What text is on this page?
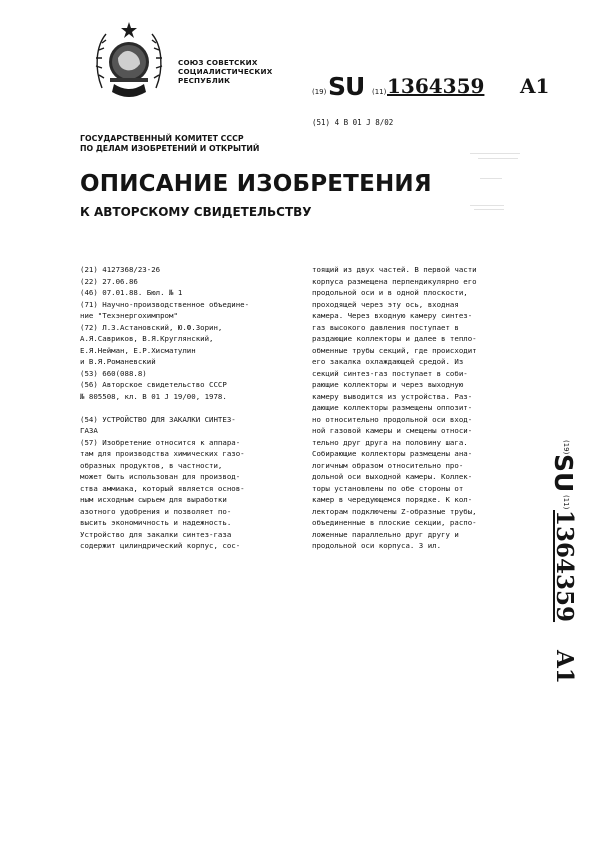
СОЮЗ СОВЕТСКИХ
СОЦИАЛИСТИЧЕСКИХ
РЕСПУБЛИК
(19) SU (11) 1364359 A1
(51) 4 B 01 J 8/02
ГОСУДАРСТВЕННЫЙ КОМИТЕТ СССР
ПО ДЕЛАМ ИЗОБРЕТЕНИЙ И ОТКРЫТИЙ
ОПИСАНИЕ ИЗОБРЕТЕНИЯ
К АВТОРСКОМУ СВИДЕТЕЛЬСТВУ
(21) 4127368/23-26
(22) 27.06.86
(46) 07.01.88. Бюл. № 1
(71) Научно-производственное объедине-
ние "Техэнергохимпром"
(72) Л.З.Астановский, Ю.Ф.Зорин,
А.Я.Савриков, В.Я.Круглянский,
Е.Я.Нейман, Е.Р.Хисматулин
и В.Я.Романевский
(53) 660(088.8)
(56) Авторское свидетельство СССР
№ 805508, кл. В 01 J 19/00, 1978.
(54) УСТРОЙСТВО ДЛЯ ЗАКАЛКИ СИНТЕЗ-
ГАЗА
(57) Изобретение относится к аппара-
там для производства химических газо-
образных продуктов, в частности,
может быть использован для производ-
ства аммиака, который является основ-
ным исходным сырьем для выработки
азотного удобрения и позволяет по-
высить экономичность и надежность.
Устройство для закалки синтез-газа
содержит цилиндрический корпус, сос-
тоящий из двух частей. В первой части
корпуса размещена перпендикулярно его
продольной оси и в одной плоскости,
проходящей через эту ось, входная
камера. Через входную камеру синтез-
газ высокого давления поступает в
раздающие коллекторы и далее в тепло-
обменные трубы секций, где происходит
его закалка охлаждающей средой. Из
секций синтез-газ поступает в соби-
рающие коллекторы и через выходную
камеру выводится из устройства. Раз-
дающие коллекторы размещены оппозит-
но относительно продольной оси вход-
ной газовой камеры и смещены относи-
тельно друг друга на половину шага.
Собирающие коллекторы размещены ана-
логичным образом относительно про-
дольной оси выходной камеры. Коллек-
торы установлены по обе стороны от
камер в чередующемся порядке. К кол-
лекторам подключены Z-образные трубы,
объединенные в плоские секции, распо-
ложенные параллельно друг другу и
продольной оси корпуса. 3 ил.
(19)
SU
(11)
1364359
A1
